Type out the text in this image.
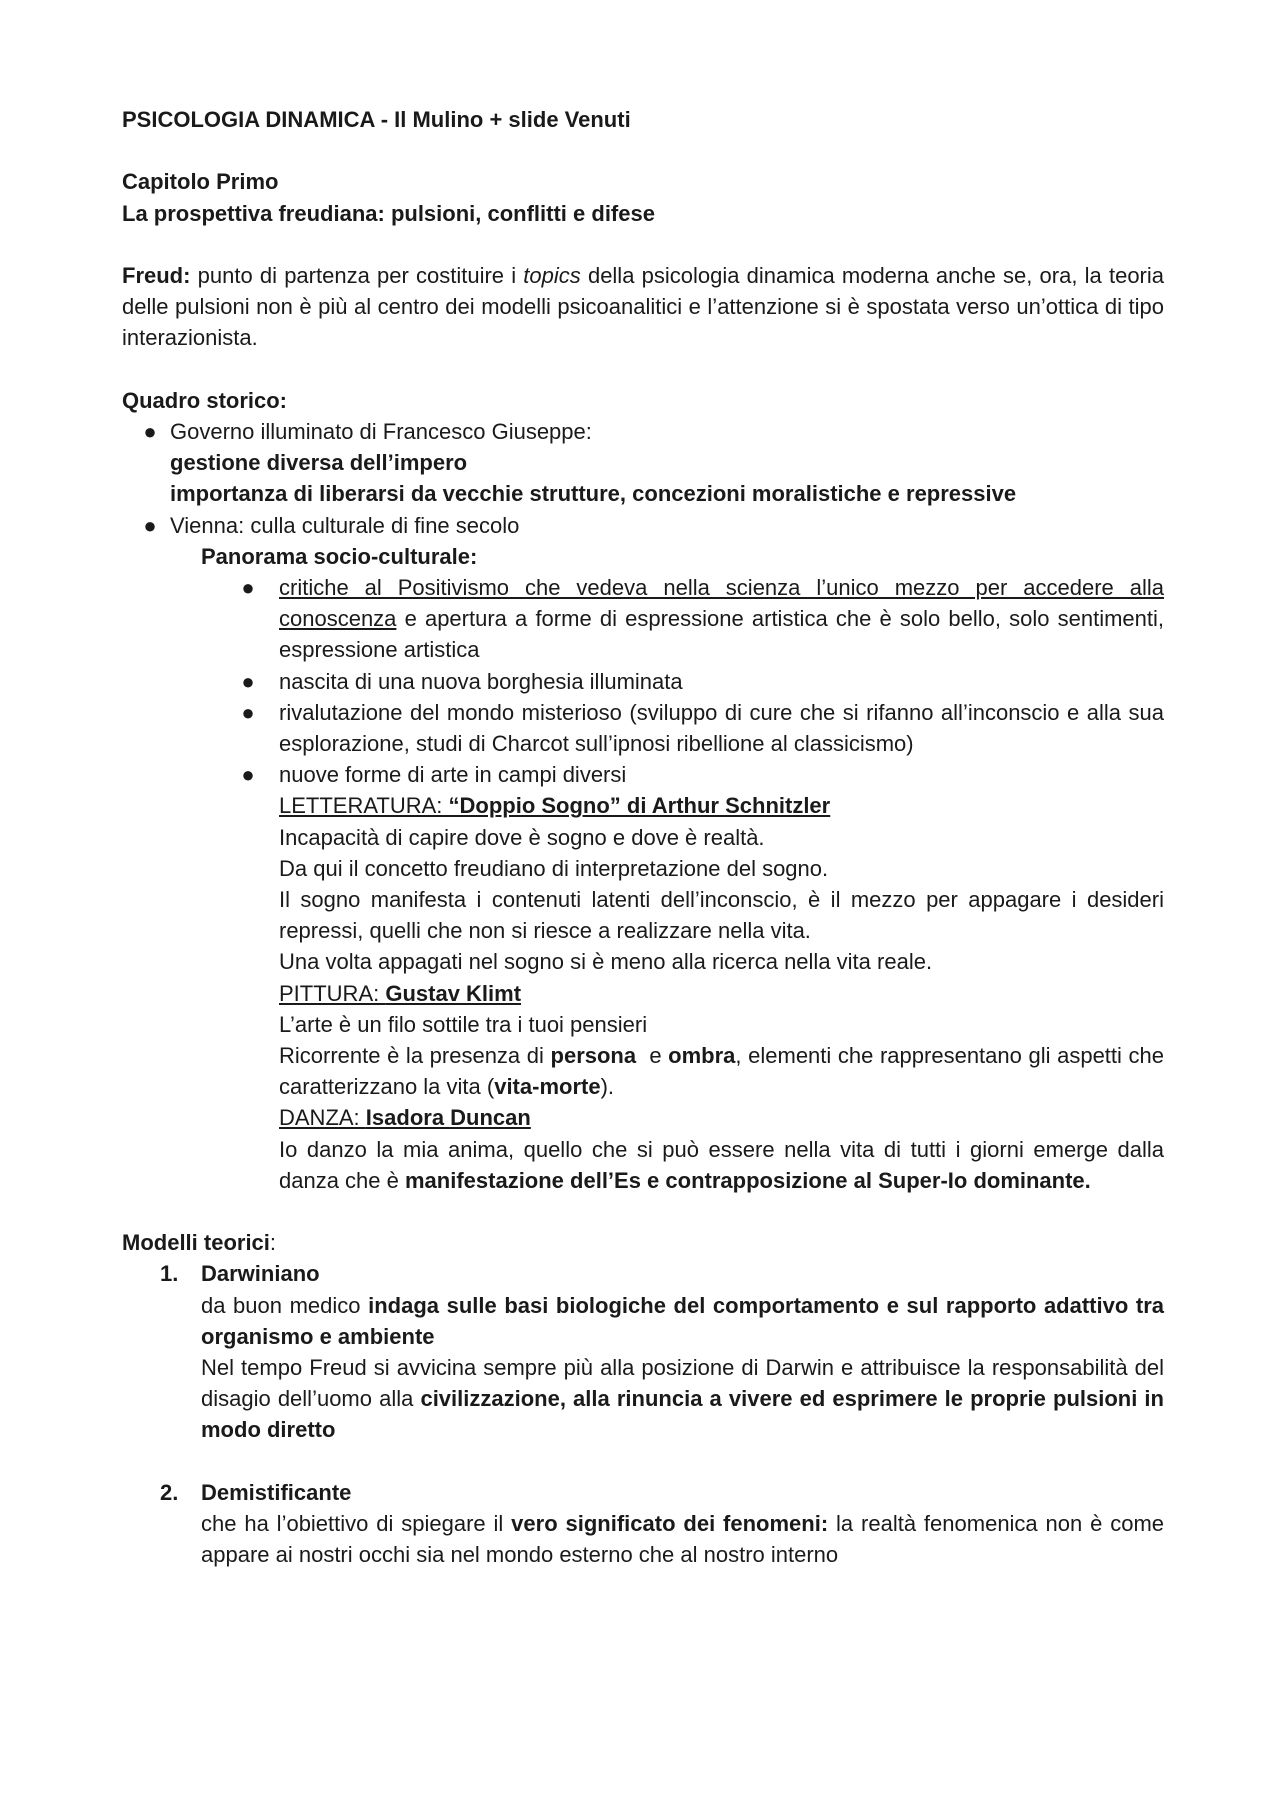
PSICOLOGIA DINAMICA - Il Mulino + slide Venuti

Capitolo Primo

La prospettiva freudiana: pulsioni, conflitti e difese

Freud: punto di partenza per costituire i topics della psicologia dinamica moderna anche se, ora, la teoria delle pulsioni non è più al centro dei modelli psicoanalitici e l’attenzione si è spostata verso un’ottica di tipo interazionista.

Quadro storico:

● Governo illuminato di Francesco Giuseppe:
gestione diversa dell’impero
importanza di liberarsi da vecchie strutture, concezioni moralistiche e repressive
● Vienna: culla culturale di fine secolo
Panorama socio-culturale:
● critiche al Positivismo che vedeva nella scienza l’unico mezzo per accedere alla conoscenza e apertura a forme di espressione artistica che è solo bello, solo sentimenti, espressione artistica
● nascita di una nuova borghesia illuminata
● rivalutazione del mondo misterioso (sviluppo di cure che si rifanno all’inconscio e alla sua esplorazione, studi di Charcot sull’ipnosi ribellione al classicismo)
● nuove forme di arte in campi diversi
LETTERATURA: “Doppio Sogno” di Arthur Schnitzler
Incapacità di capire dove è sogno e dove è realtà.
Da qui il concetto freudiano di interpretazione del sogno.
Il sogno manifesta i contenuti latenti dell’inconscio, è il mezzo per appagare i desideri repressi, quelli che non si riesce a realizzare nella vita.
Una volta appagati nel sogno si è meno alla ricerca nella vita reale.
PITTURA: Gustav Klimt
L’arte è un filo sottile tra i tuoi pensieri
Ricorrente è la presenza di persona  e ombra, elementi che rappresentano gli aspetti che caratterizzano la vita (vita-morte).
DANZA: Isadora Duncan
Io danzo la mia anima, quello che si può essere nella vita di tutti i giorni emerge dalla danza che è manifestazione dell’Es e contrapposizione al Super-Io dominante.

Modelli teorici:

1. Darwiniano
da buon medico indaga sulle basi biologiche del comportamento e sul rapporto adattivo tra organismo e ambiente
Nel tempo Freud si avvicina sempre più alla posizione di Darwin e attribuisce la responsabilità del disagio dell’uomo alla civilizzazione, alla rinuncia a vivere ed esprimere le proprie pulsioni in modo diretto
2. Demistificante
che ha l’obiettivo di spiegare il vero significato dei fenomeni: la realtà fenomenica non è come appare ai nostri occhi sia nel mondo esterno che al nostro interno
